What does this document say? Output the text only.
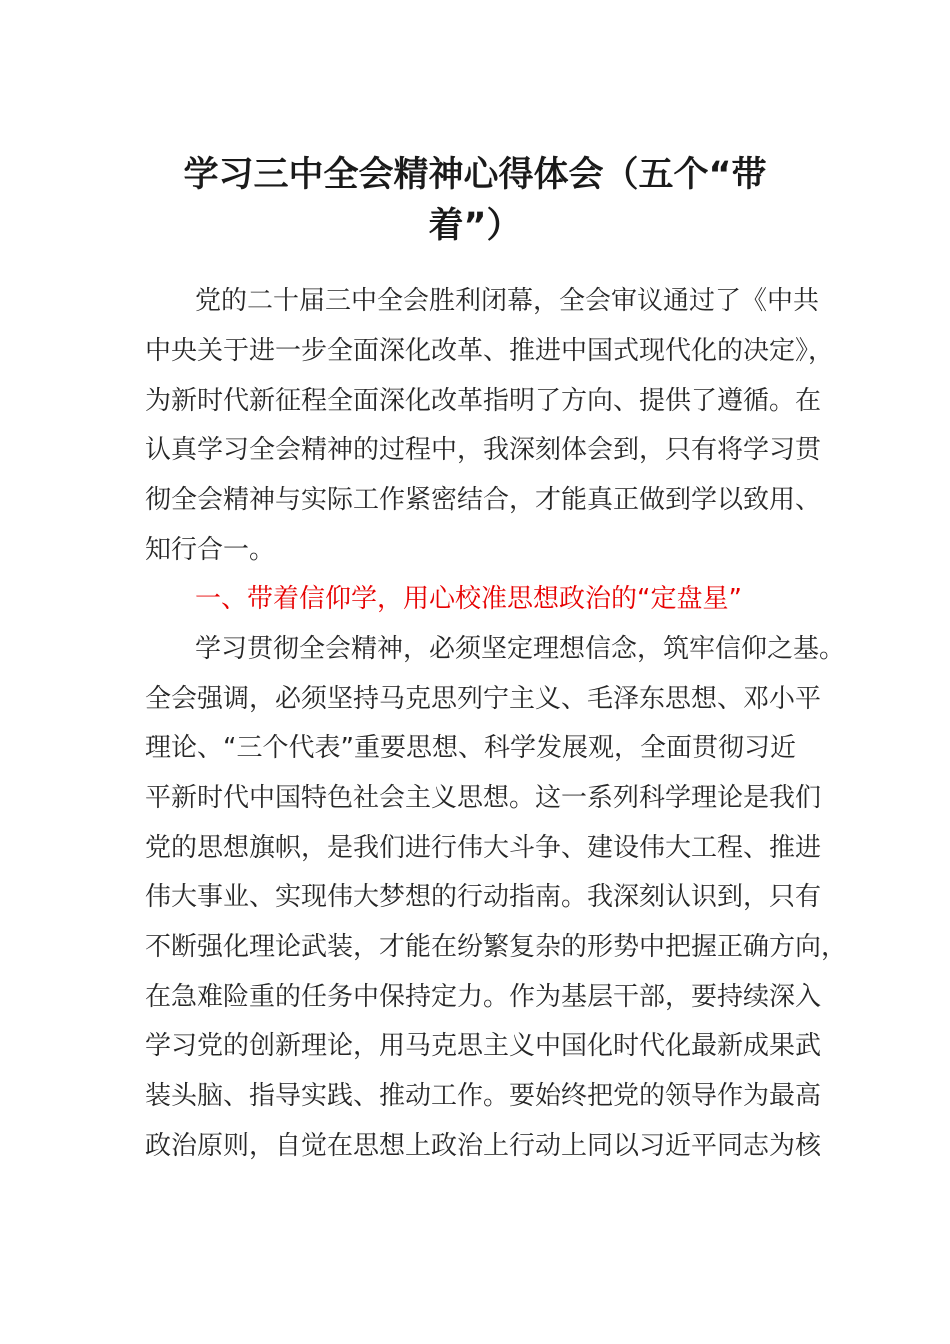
学习三中全会精神心得体会（五个“带
着”）
党的二十届三中全会胜利闭幕，全会审议通过了《中共
中央关于进一步全面深化改革、推进中国式现代化的决定》，
为新时代新征程全面深化改革指明了方向、提供了遵循。在
认真学习全会精神的过程中，我深刻体会到，只有将学习贯
彻全会精神与实际工作紧密结合，才能真正做到学以致用、
知行合一。
一、带着信仰学，用心校准思想政治的“定盘星”
学习贯彻全会精神，必须坚定理想信念，筑牢信仰之基。
全会强调，必须坚持马克思列宁主义、毛泽东思想、邓小平
理论、“三个代表”重要思想、科学发展观，全面贯彻习近
平新时代中国特色社会主义思想。这一系列科学理论是我们
党的思想旗帜，是我们进行伟大斗争、建设伟大工程、推进
伟大事业、实现伟大梦想的行动指南。我深刻认识到，只有
不断强化理论武装，才能在纷繁复杂的形势中把握正确方向，
在急难险重的任务中保持定力。作为基层干部，要持续深入
学习党的创新理论，用马克思主义中国化时代化最新成果武
装头脑、指导实践、推动工作。要始终把党的领导作为最高
政治原则，自觉在思想上政治上行动上同以习近平同志为核
